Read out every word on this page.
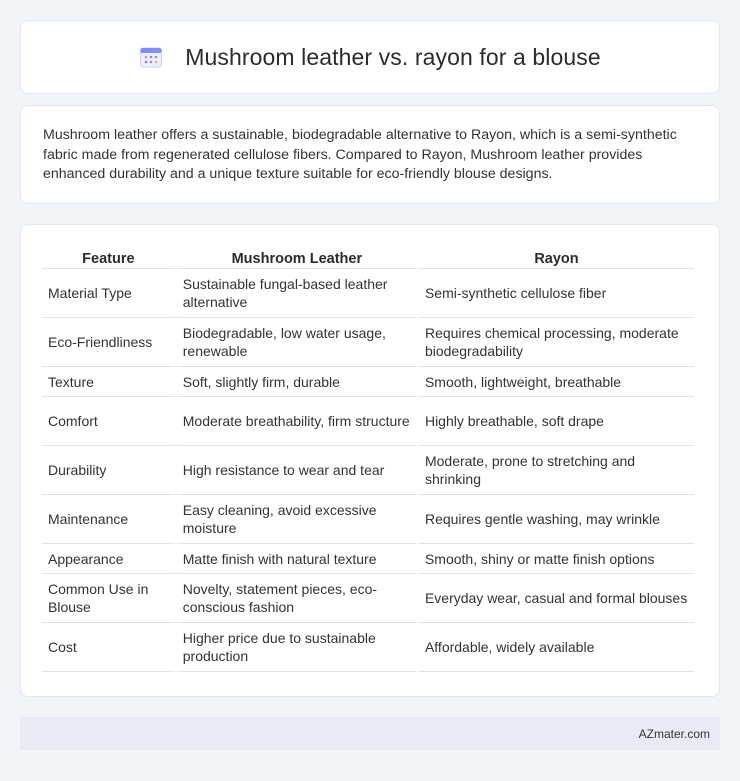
Mushroom leather vs. rayon for a blouse

Mushroom leather offers a sustainable, biodegradable alternative to Rayon, which is a semi-synthetic fabric made from regenerated cellulose fibers. Compared to Rayon, Mushroom leather provides enhanced durability and a unique texture suitable for eco-friendly blouse designs.

Feature	Mushroom Leather	Rayon
Material Type	Sustainable fungal-based leather alternative	Semi-synthetic cellulose fiber
Eco-Friendliness	Biodegradable, low water usage, renewable	Requires chemical processing, moderate biodegradability
Texture	Soft, slightly firm, durable	Smooth, lightweight, breathable
Comfort	Moderate breathability, firm structure	Highly breathable, soft drape
Durability	High resistance to wear and tear	Moderate, prone to stretching and shrinking
Maintenance	Easy cleaning, avoid excessive moisture	Requires gentle washing, may wrinkle
Appearance	Matte finish with natural texture	Smooth, shiny or matte finish options
Common Use in Blouse	Novelty, statement pieces, eco-conscious fashion	Everyday wear, casual and formal blouses
Cost	Higher price due to sustainable production	Affordable, widely available
AZmater.com
